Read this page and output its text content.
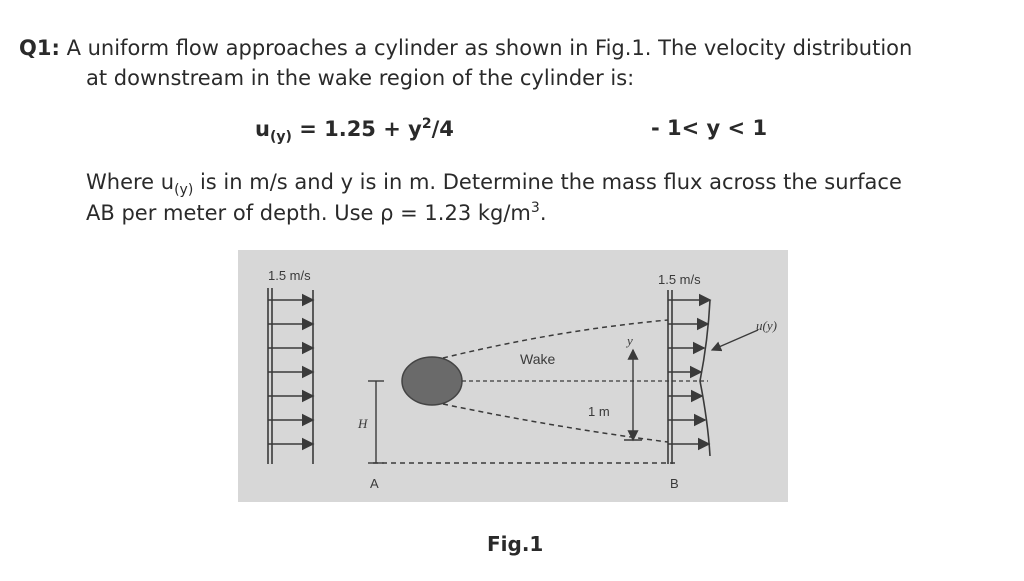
Q1: A uniform flow approaches a cylinder as shown in Fig.1. The velocity distribution
at downstream in the wake region of the cylinder is:
$u_{(y)} = 1.25 + y^2/4$	- 1< y < 1
Where $u_{(y)}$ is in m/s and y is in m. Determine the mass flux across the surface
AB per meter of depth. Use ρ = 1.23 $kg/m^3$.
1.5 m/s	1.5 m/s
u(y)
Wake
y
1 m
H
A	B
Fig.1
